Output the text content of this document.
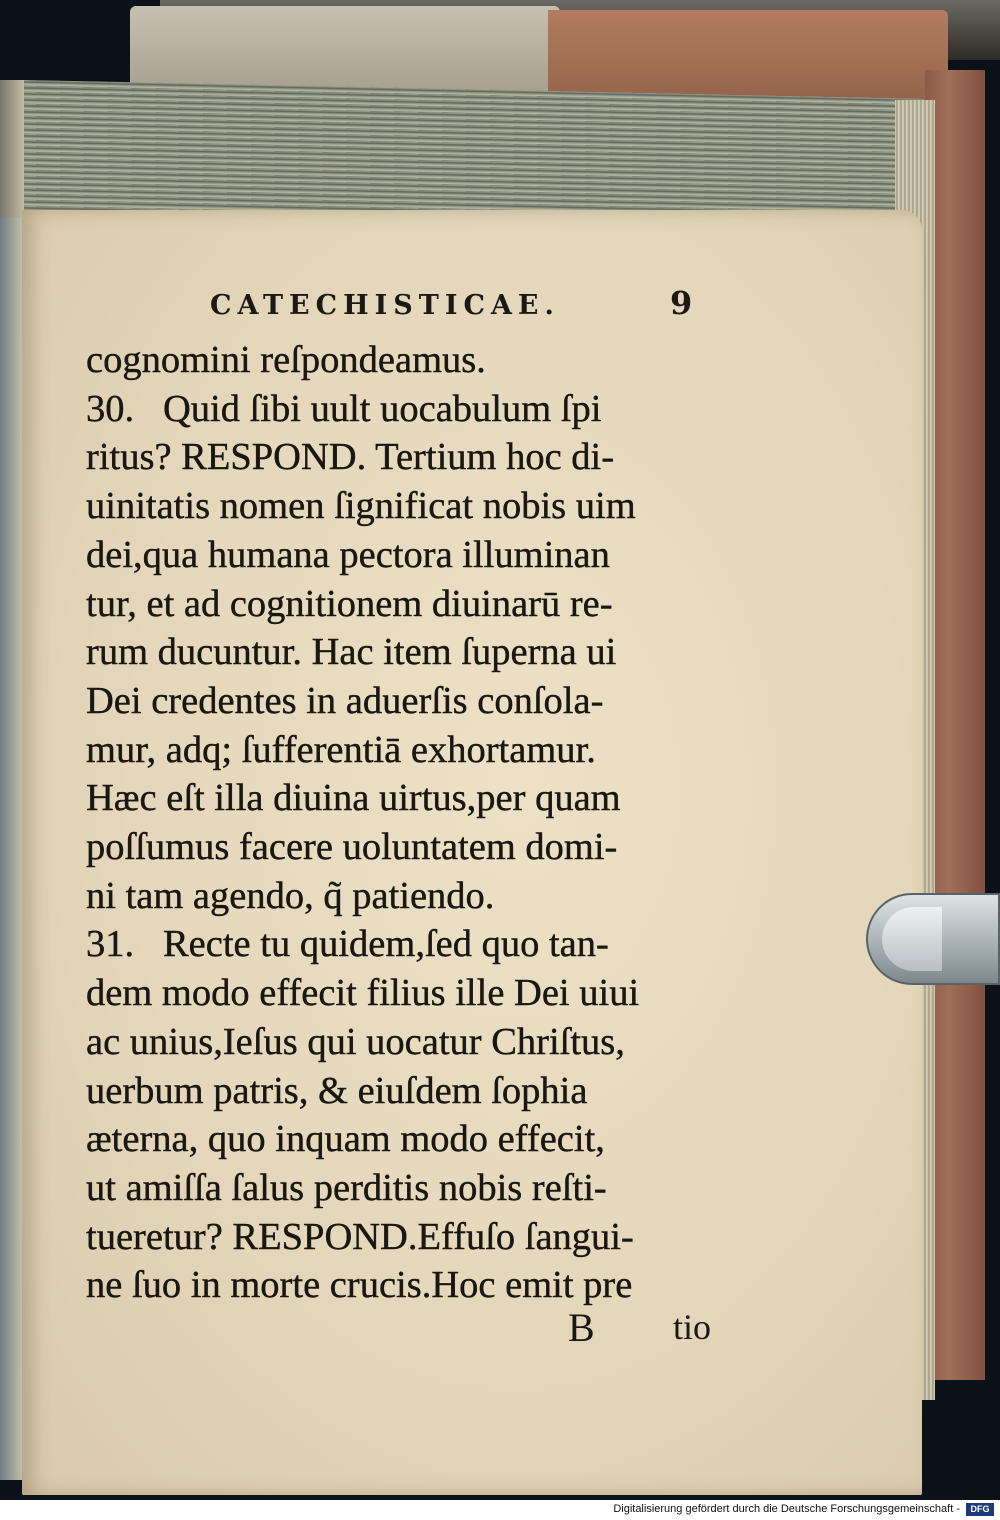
CATECHISTICAE.	9
cognomini reſpondeamus.
30.   Quid ſibi uult uocabulum ſpi
ritus? RESPOND. Tertium hoc di-
uinitatis nomen ſignificat nobis uim
dei,qua humana pectora illuminan
tur, et ad cognitionem diuinarū re-
rum ducuntur. Hac item ſuperna ui
Dei credentes in aduerſis conſola-
mur, adq; ſufferentiā exhortamur.
Hæc eſt illa diuina uirtus,per quam
poſſumus facere uoluntatem domi-
ni tam agendo, q̃ patiendo.
31.   Recte tu quidem,ſed quo tan-
dem modo effecit filius ille Dei uiui
ac unius,Ieſus qui uocatur Chriſtus,
uerbum patris, & eiuſdem ſophia
æterna, quo inquam modo effecit,
ut amiſſa ſalus perditis nobis reſti-
tueretur? RESPOND.Effuſo ſangui-
ne ſuo in morte crucis.Hoc emit pre
B tio
Digitalisierung gefördert durch die Deutsche Forschungsgemeinschaft -	DFG
